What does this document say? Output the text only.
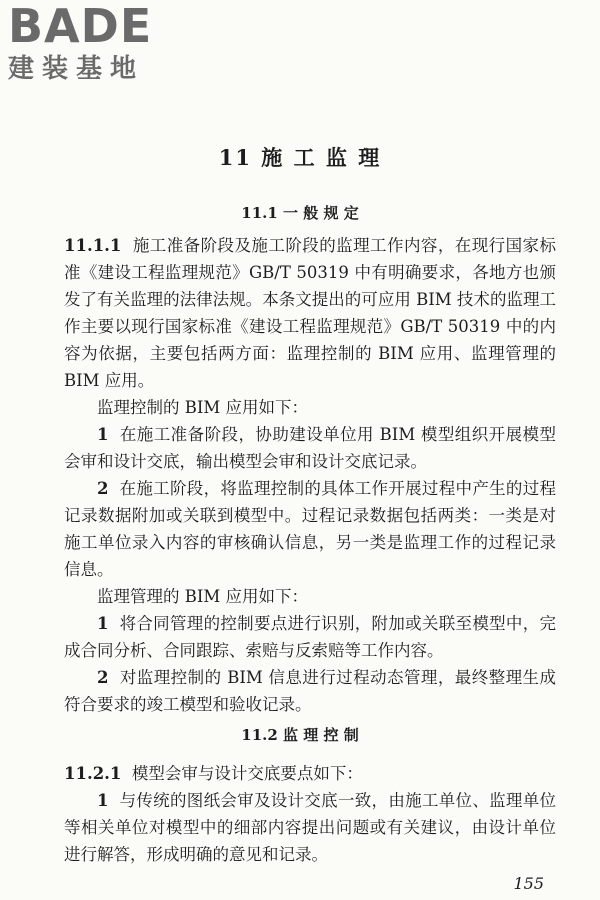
BADE
建装基地
11 施 工 监 理
11.1 一 般 规 定
11.1.1 施工准备阶段及施工阶段的监理工作内容，在现行国家标准《建设工程监理规范》GB/T 50319 中有明确要求，各地方也颁发了有关监理的法律法规。本条文提出的可应用 BIM 技术的监理工作主要以现行国家标准《建设工程监理规范》GB/T 50319 中的内容为依据，主要包括两方面：监理控制的 BIM 应用、监理管理的 BIM 应用。
监理控制的 BIM 应用如下：
1 在施工准备阶段，协助建设单位用 BIM 模型组织开展模型会审和设计交底，输出模型会审和设计交底记录。
2 在施工阶段，将监理控制的具体工作开展过程中产生的过程记录数据附加或关联到模型中。过程记录数据包括两类：一类是对施工单位录入内容的审核确认信息，另一类是监理工作的过程记录信息。
监理管理的 BIM 应用如下：
1 将合同管理的控制要点进行识别，附加或关联至模型中，完成合同分析、合同跟踪、索赔与反索赔等工作内容。
2 对监理控制的 BIM 信息进行过程动态管理，最终整理生成符合要求的竣工模型和验收记录。
11.2 监 理 控 制
11.2.1 模型会审与设计交底要点如下：
1 与传统的图纸会审及设计交底一致，由施工单位、监理单位等相关单位对模型中的细部内容提出问题或有关建议，由设计单位进行解答，形成明确的意见和记录。
155
